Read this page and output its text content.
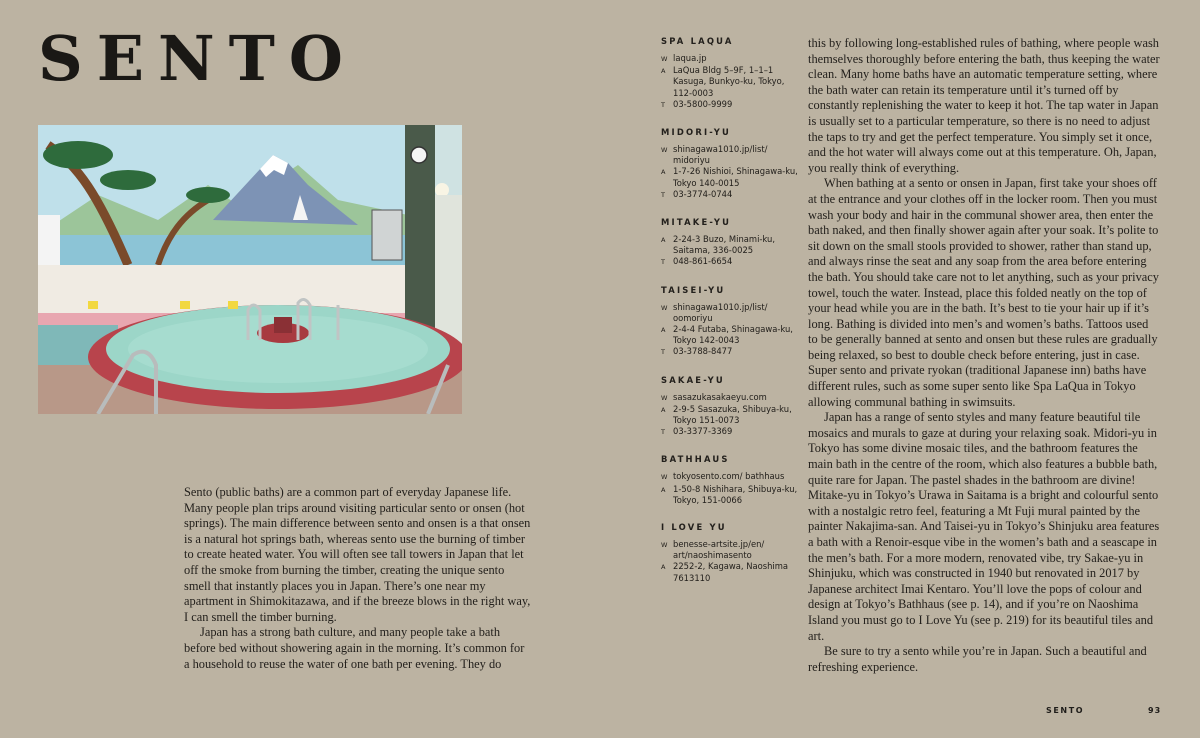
SENTO

Sento (public baths) are a common part of everyday Japanese life. Many people plan trips around visiting particular sento or onsen (hot springs). The main difference between sento and onsen is a that onsen is a natural hot springs bath, whereas sento use the burning of timber to create heated water. You will often see tall towers in Japan that let off the smoke from burning the timber, creating the unique sento smell that instantly places you in Japan. There’s one near my apartment in Shimokitazawa, and if the breeze blows in the right way, I can smell the timber burning.

Japan has a strong bath culture, and many people take a bath before bed without showering again in the morning. It’s common for a household to reuse the water of one bath per evening. They do

SPA LAQUA
W laqua.jp
A LaQua Bldg 5–9F, 1–1–1 Kasuga, Bunkyo-ku, Tokyo, 112-0003
T 03-5800-9999
MIDORI-YU
W shinagawa1010.jp/list/ midoriyu
A 1-7-26 Nishioi, Shinagawa-ku, Tokyo 140-0015
T 03-3774-0744
MITAKE-YU
A 2-24-3 Buzo, Minami-ku, Saitama, 336-0025
T 048-861-6654
TAISEI-YU
W shinagawa1010.jp/list/ oomoriyu
A 2-4-4 Futaba, Shinagawa-ku, Tokyo 142-0043
T 03-3788-8477
SAKAE-YU
W sasazukasakaeyu.com
A 2-9-5 Sasazuka, Shibuya-ku, Tokyo 151-0073
T 03-3377-3369
BATHHAUS
W tokyosento.com/ bathhaus
A 1-50-8 Nishihara, Shibuya-ku, Tokyo, 151-0066
I LOVE YU
W benesse-artsite.jp/en/ art/naoshimasento
A 2252-2, Kagawa, Naoshima 7613110

this by following long-established rules of bathing, where people wash themselves thoroughly before entering the bath, thus keeping the water clean. Many home baths have an automatic temperature setting, where the bath water can retain its temperature until it’s turned off by constantly replenishing the water to keep it hot. The tap water in Japan is usually set to a particular temperature, so there is no need to adjust the taps to try and get the perfect temperature. You simply set it once, and the hot water will always come out at this temperature. Oh, Japan, you really think of everything.

When bathing at a sento or onsen in Japan, first take your shoes off at the entrance and your clothes off in the locker room. Then you must wash your body and hair in the communal shower area, then enter the bath naked, and then finally shower again after your soak. It’s polite to sit down on the small stools provided to shower, rather than stand up, and always rinse the seat and any soap from the area before entering the bath. You should take care not to let anything, such as your privacy towel, touch the water. Instead, place this folded neatly on the top of your head while you are in the bath. It’s best to tie your hair up if it’s long. Bathing is divided into men’s and women’s baths. Tattoos used to be generally banned at sento and onsen but these rules are gradually being relaxed, so best to double check before entering, just in case. Super sento and private ryokan (traditional Japanese inn) baths have different rules, such as some super sento like Spa LaQua in Tokyo allowing communal bathing in swimsuits.

Japan has a range of sento styles and many feature beautiful tile mosaics and murals to gaze at during your relaxing soak. Midori-yu in Tokyo has some divine mosaic tiles, and the bathroom features the main bath in the centre of the room, which also features a bubble bath, quite rare for Japan. The pastel shades in the bathroom are divine! Mitake-yu in Tokyo’s Urawa in Saitama is a bright and colourful sento with a nostalgic retro feel, featuring a Mt Fuji mural painted by the painter Nakajima-san. And Taisei-yu in Tokyo’s Shinjuku area features a bath with a Renoir-esque vibe in the women’s bath and a seascape in the men’s bath. For a more modern, renovated vibe, try Sakae-yu in Shinjuku, which was constructed in 1940 but renovated in 2017 by Japanese architect Imai Kentaro. You’ll love the pops of colour and design at Tokyo’s Bathhaus (see p. 14), and if you’re on Naoshima Island you must go to I Love Yu (see p. 219) for its beautiful tiles and art.

Be sure to try a sento while you’re in Japan. Such a beautiful and refreshing experience.

SENTO	93
